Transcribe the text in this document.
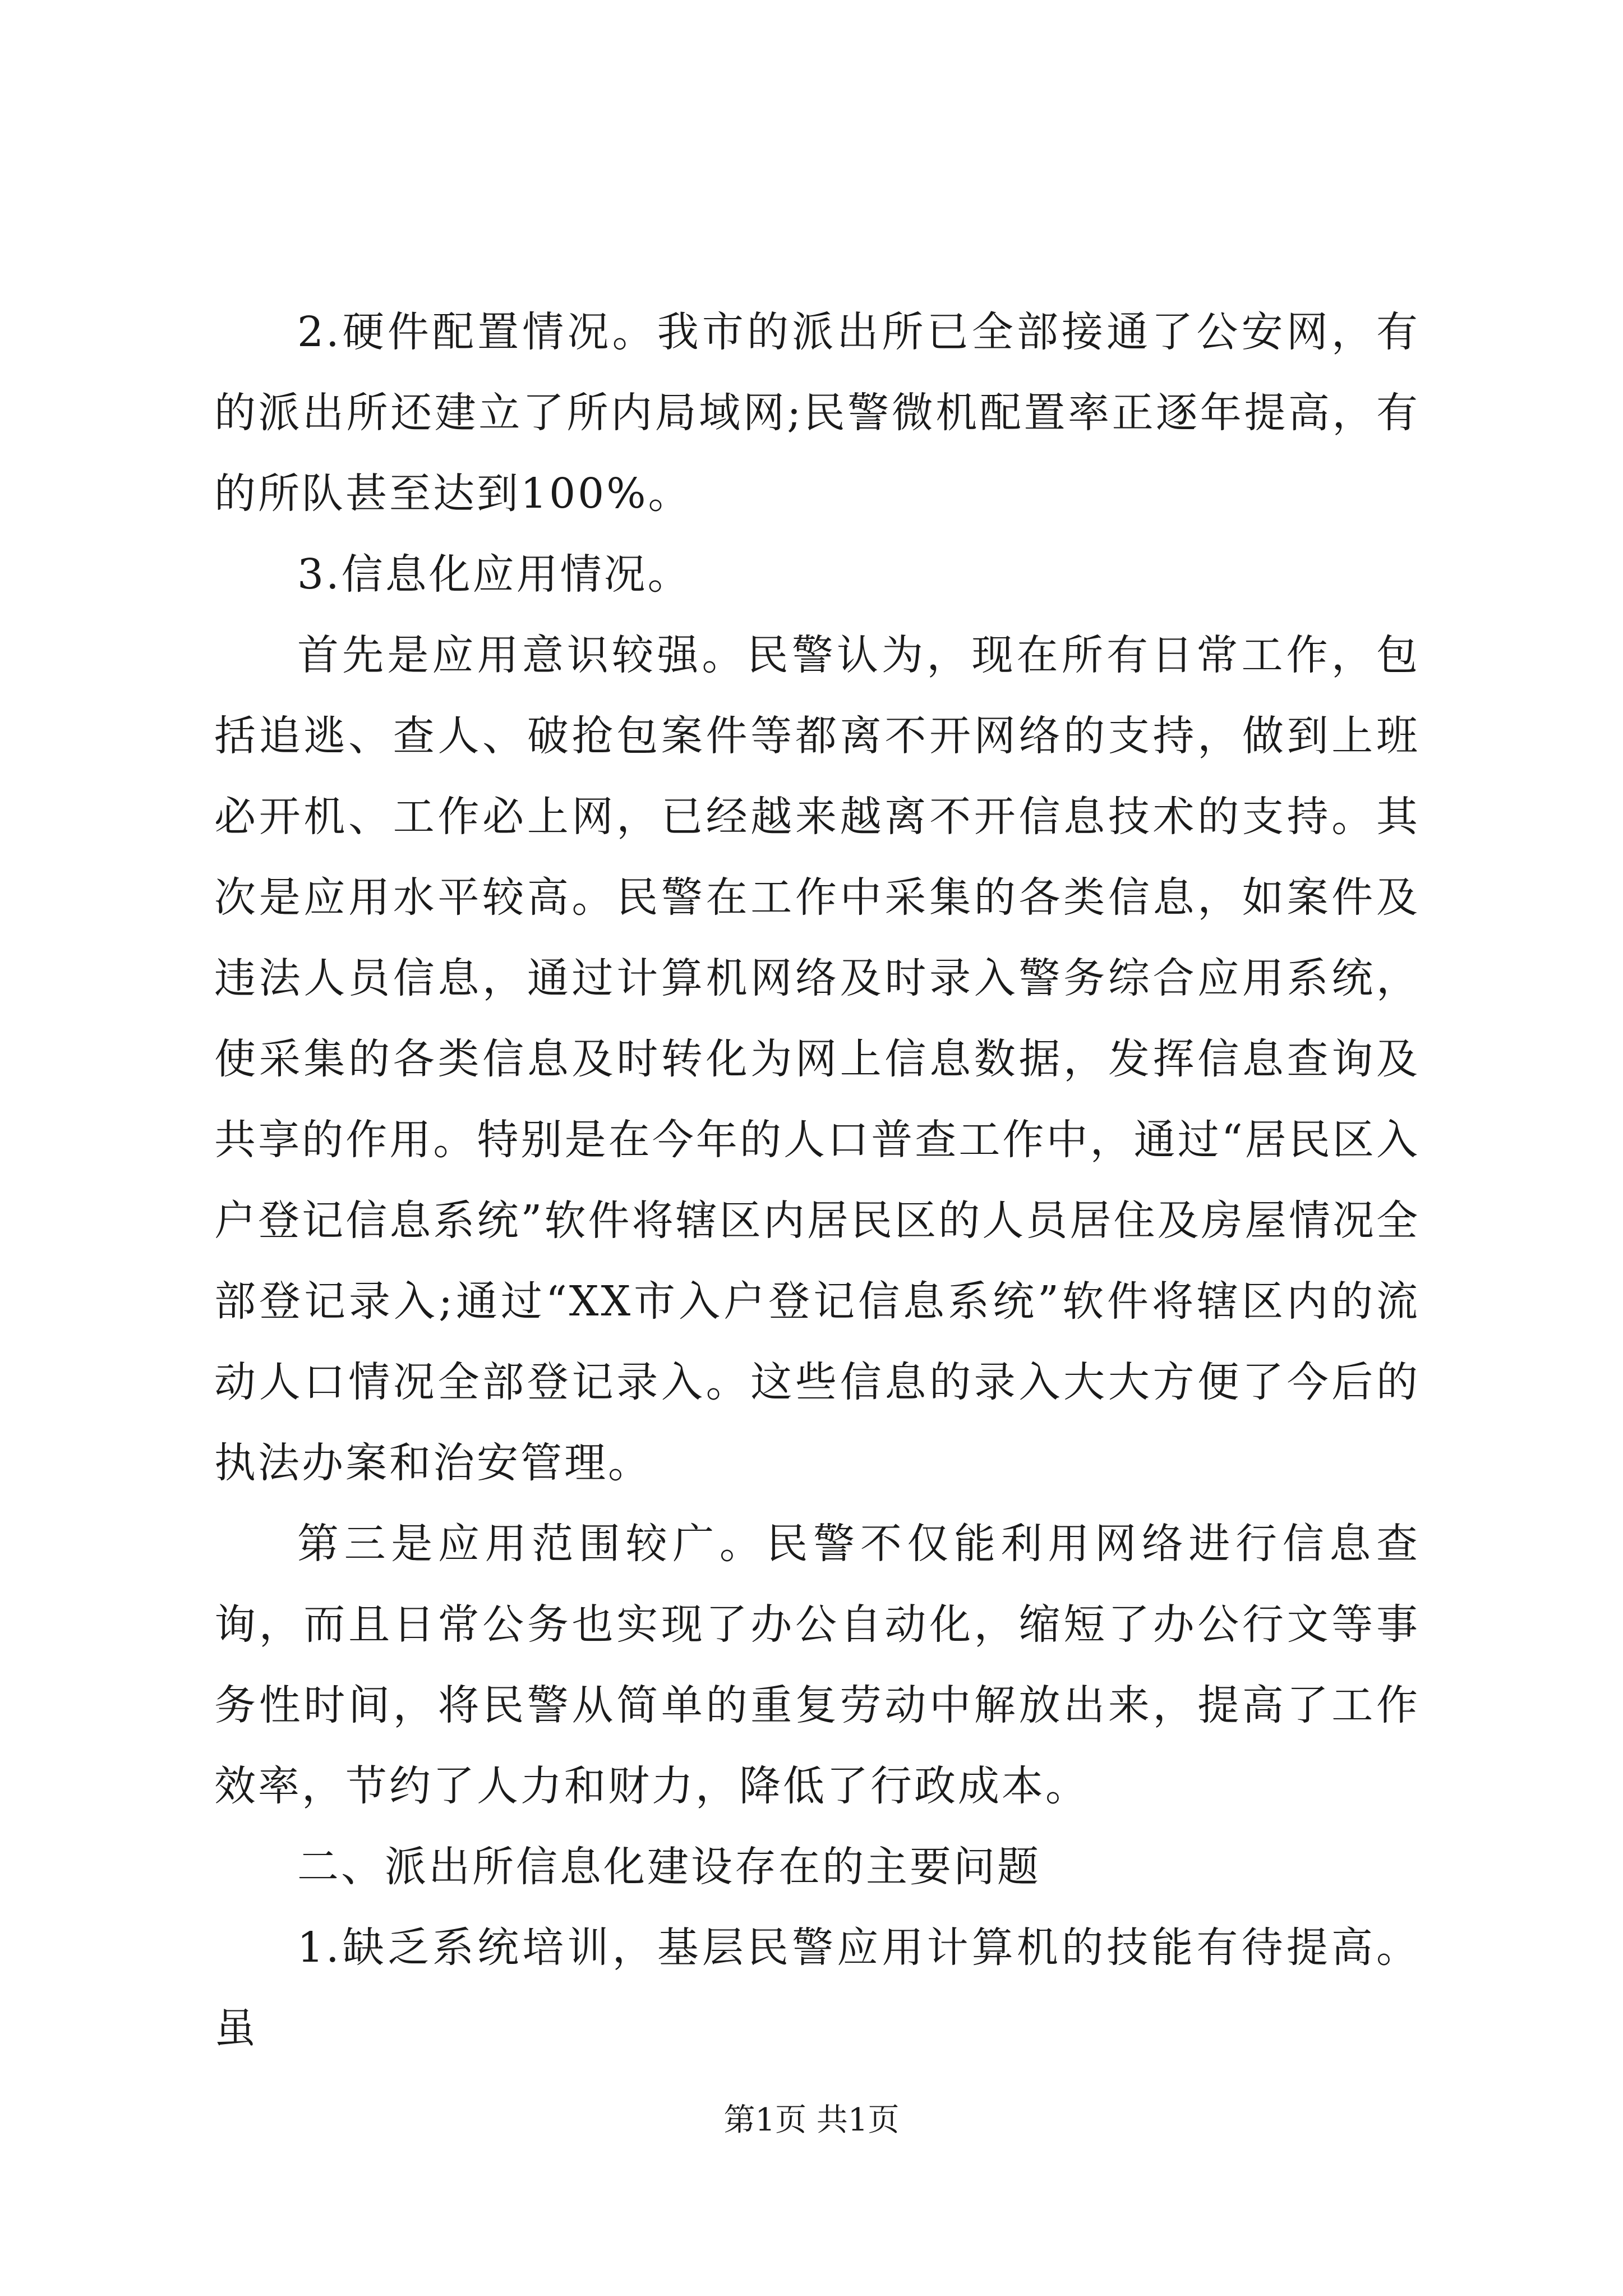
2.硬件配置情况。我市的派出所已全部接通了公安网，有的派出所还建立了所内局域网;民警微机配置率正逐年提高，有的所队甚至达到100%。

3.信息化应用情况。

首先是应用意识较强。民警认为，现在所有日常工作，包括追逃、查人、破抢包案件等都离不开网络的支持，做到上班必开机、工作必上网，已经越来越离不开信息技术的支持。其次是应用水平较高。民警在工作中采集的各类信息，如案件及违法人员信息，通过计算机网络及时录入警务综合应用系统，使采集的各类信息及时转化为网上信息数据，发挥信息查询及共享的作用。特别是在今年的人口普查工作中，通过“居民区入户登记信息系统”软件将辖区内居民区的人员居住及房屋情况全部登记录入;通过“XX市入户登记信息系统”软件将辖区内的流动人口情况全部登记录入。这些信息的录入大大方便了今后的执法办案和治安管理。

第三是应用范围较广。民警不仅能利用网络进行信息查询，而且日常公务也实现了办公自动化，缩短了办公行文等事务性时间，将民警从简单的重复劳动中解放出来，提高了工作效率，节约了人力和财力，降低了行政成本。

二、派出所信息化建设存在的主要问题

1.缺乏系统培训，基层民警应用计算机的技能有待提高。虽

第1页 共1页
